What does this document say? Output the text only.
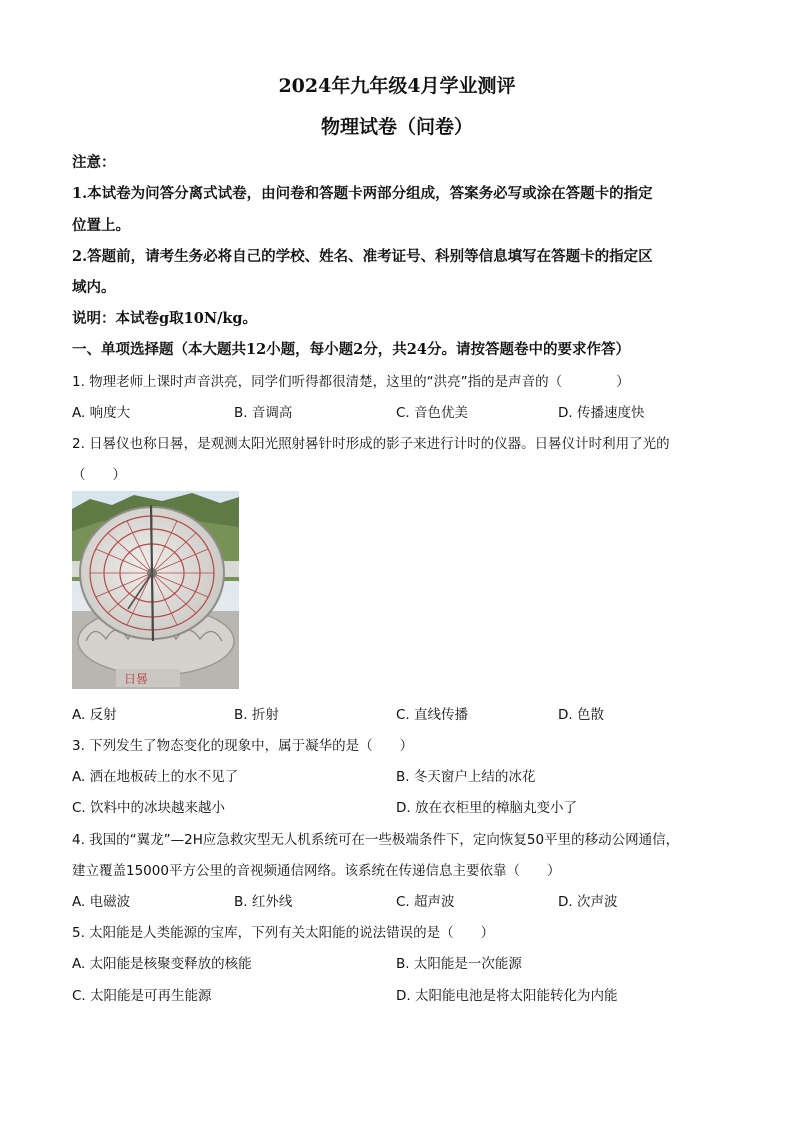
2024年九年级4月学业测评
物理试卷（问卷）
注意：
1.本试卷为问答分离式试卷，由问卷和答题卡两部分组成，答案务必写或涂在答题卡的指定
位置上。
2.答题前，请考生务必将自己的学校、姓名、准考证号、科别等信息填写在答题卡的指定区
域内。
说明：本试卷g取10N/kg。
一、单项选择题（本大题共12小题，每小题2分，共24分。请按答题卷中的要求作答）
1. 物理老师上课时声音洪亮，同学们听得都很清楚，这里的“洪亮”指的是声音的（　　　　）
A. 响度大	B. 音调高	C. 音色优美	D. 传播速度快
2. 日晷仪也称日晷，是观测太阳光照射晷针时形成的影子来进行计时的仪器。日晷仪计时利用了光的
（　　）
日晷
A. 反射	B. 折射	C. 直线传播	D. 色散
3. 下列发生了物态变化的现象中，属于凝华的是（　　）
A. 洒在地板砖上的水不见了	B. 冬天窗户上结的冰花
C. 饮料中的冰块越来越小	D. 放在衣柜里的樟脑丸变小了
4. 我国的“翼龙”—2H应急救灾型无人机系统可在一些极端条件下，定向恢复50平里的移动公网通信，
建立覆盖15000平方公里的音视频通信网络。该系统在传递信息主要依靠（　　）
A. 电磁波	B. 红外线	C. 超声波	D. 次声波
5. 太阳能是人类能源的宝库，下列有关太阳能的说法错误的是（　　）
A. 太阳能是核聚变释放的核能	B. 太阳能是一次能源
C. 太阳能是可再生能源	D. 太阳能电池是将太阳能转化为内能
